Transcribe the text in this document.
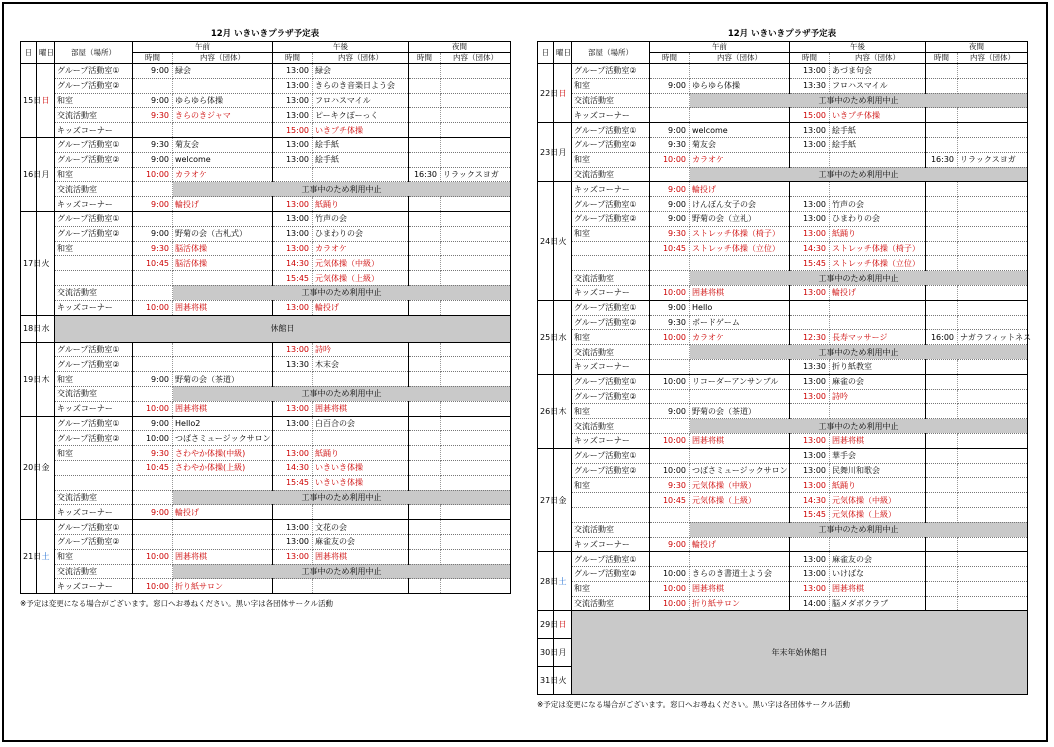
12月 いきいきプラザ予定表
日	曜日	部屋（場所）	午前		午後		夜間		
			時間	内容（団体）	時間	内容（団体）	時間	内容（団体）	
15日	日	グループ活動室①	9:00	緑会	13:00	緑会			
		グループ活動室②			13:00	きらのき音楽日よう会			
		和室	9:00	ゆらゆら体操	13:00	フロハスマイル			
		交流活動室	9:30	きらのきジャマ	13:00	ピーキクぽーっく			
		キッズコーナー			15:00	いきプチ体操			
16日	月	グループ活動室①	9:30	菊友会	13:00	絵手紙			
		グループ活動室②	9:00	welcome	13:00	絵手紙			
		和室	10:00	カラオケ			16:30	リラックスヨガ	
		交流活動室		工事中のため利用中止					
		キッズコーナー	9:00	輪投げ	13:00	紙踊り			
17日	火	グループ活動室①			13:00	竹声の会			
		グループ活動室②	9:00	野菊の会（古札式）	13:00	ひまわりの会			
		和室	9:30	脳活体操	13:00	カラオケ			
			10:45	脳活体操	14:30	元気体操（中級）			
					15:45	元気体操（上級）			
		交流活動室		工事中のため利用中止					
		キッズコーナー	10:00	囲碁将棋	13:00	輪投げ			
18日	水	休館日							
19日	木	グループ活動室①			13:00	詩吟			
		グループ活動室②			13:30	木末会			
		和室	9:00	野菊の会（茶道）					
		交流活動室		工事中のため利用中止					
		キッズコーナー	10:00	囲碁将棋	13:00	囲碁将棋			
20日	金	グループ活動室①	9:00	Hello2	13:00	白百合の会			
		グループ活動室②	10:00	つばさミュージックサロン					
		和室	9:30	さわやか体操(中級)	13:00	紙踊り			
			10:45	さわやか体操(上級)	14:30	いきいき体操			
					15:45	いきいき体操			
		交流活動室		工事中のため利用中止					
		キッズコーナー	9:00	輪投げ					
21日	土	グループ活動室①			13:00	文花の会			
		グループ活動室②			13:00	麻雀友の会			
		和室	10:00	囲碁将棋	13:00	囲碁将棋			
		交流活動室		工事中のため利用中止					
		キッズコーナー	10:00	折り紙サロン					
※予定は変更になる場合がございます。窓口へお尋ねください。黒い字は各団体サークル活動
12月 いきいきプラザ予定表
日	曜日	部屋（場所）	午前		午後		夜間		
			時間	内容（団体）	時間	内容（団体）	時間	内容（団体）	
22日	日	グループ活動室②			13:00	あづま句会			
		和室	9:00	ゆらゆら体操	13:30	フロハスマイル			
		交流活動室		工事中のため利用中止					
		キッズコーナー			15:00	いきプチ体操			
23日	月	グループ活動室①	9:00	welcome	13:00	絵手紙			
		グループ活動室②	9:30	菊友会	13:00	絵手紙			
		和室	10:00	カラオケ			16:30	リラックスヨガ	
		交流活動室		工事中のため利用中止					
24日	火	キッズコーナー	9:00	輪投げ					
		グループ活動室①	9:00	けんぽん女子の会	13:00	竹声の会			
		グループ活動室②	9:00	野菊の会（立礼）	13:00	ひまわりの会			
		和室	9:30	ストレッチ体操（椅子）	13:00	紙踊り			
			10:45	ストレッチ体操（立位）	14:30	ストレッチ体操（椅子）			
					15:45	ストレッチ体操（立位）			
		交流活動室		工事中のため利用中止					
		キッズコーナー	10:00	囲碁将棋	13:00	輪投げ			
25日	水	グループ活動室①	9:00	Hello					
		グループ活動室②	9:30	ボードゲーム					
		和室	10:00	カラオケ	12:30	長寿マッサージ	16:00	ナガラフィットネス	
		交流活動室		工事中のため利用中止					
		キッズコーナー			13:30	折り紙教室			
26日	木	グループ活動室①	10:00	リコーダーアンサンブル	13:00	麻雀の会			
		グループ活動室②			13:00	詩吟			
		和室	9:00	野菊の会（茶道）					
		交流活動室		工事中のため利用中止					
		キッズコーナー	10:00	囲碁将棋	13:00	囲碁将棋			
27日	金	グループ活動室①			13:00	華手会			
		グループ活動室②	10:00	つばさミュージックサロン	13:00	民舞川和歌会			
		和室	9:30	元気体操（中級）	13:00	紙踊り			
			10:45	元気体操（上級）	14:30	元気体操（中級）			
					15:45	元気体操（上級）			
		交流活動室		工事中のため利用中止					
		キッズコーナー	9:00	輪投げ					
28日	土	グループ活動室①			13:00	麻雀友の会			
		グループ活動室②	10:00	きらのき書道土よう会	13:00	いけばな			
		和室	10:00	囲碁将棋	13:00	囲碁将棋			
		交流活動室	10:00	折り紙サロン	14:00	脳メダボクラブ			
29日	日	年末年始休館日							
30日	月								
31日	火								
※予定は変更になる場合がございます。窓口へお尋ねください。黒い字は各団体サークル活動
